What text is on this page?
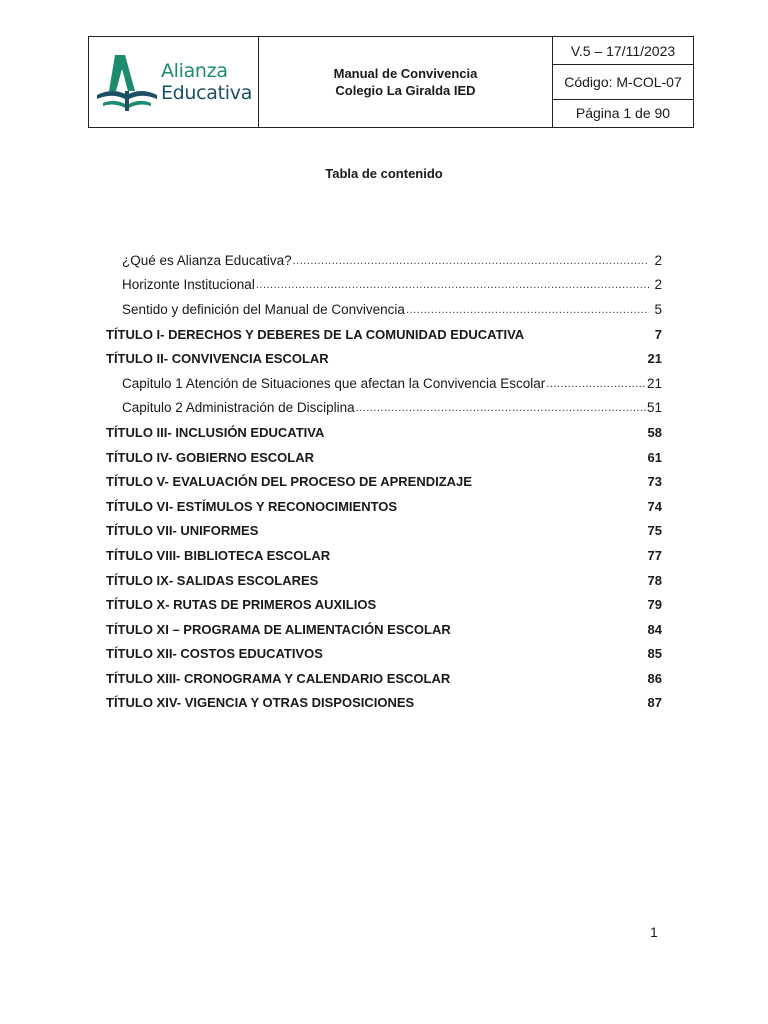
Alianza
Educativa
Manual de Convivencia
Colegio La Giralda IED
V.5 – 17/11/2023
Código: M-COL-07
Página 1 de 90
Tabla de contenido
¿Qué es Alianza Educativa? .....	2
Horizonte Institucional .....	2
Sentido y definición del Manual de Convivencia .....	5
TÍTULO I- DERECHOS Y DEBERES DE LA COMUNIDAD EDUCATIVA	7
TÍTULO II- CONVIVENCIA ESCOLAR	21
Capitulo 1 Atención de Situaciones que afectan la Convivencia Escolar .....	21
Capitulo 2 Administración de Disciplina .....	51
TÍTULO III- INCLUSIÓN EDUCATIVA	58
TÍTULO IV- GOBIERNO ESCOLAR	61
TÍTULO V- EVALUACIÓN DEL PROCESO DE APRENDIZAJE	73
TÍTULO VI- ESTÍMULOS Y RECONOCIMIENTOS	74
TÍTULO VII- UNIFORMES	75
TÍTULO VIII- BIBLIOTECA ESCOLAR	77
TÍTULO IX- SALIDAS ESCOLARES	78
TÍTULO X- RUTAS DE PRIMEROS AUXILIOS	79
TÍTULO XI – PROGRAMA DE ALIMENTACIÓN ESCOLAR	84
TÍTULO XII- COSTOS EDUCATIVOS	85
TÍTULO XIII- CRONOGRAMA Y CALENDARIO ESCOLAR	86
TÍTULO XIV- VIGENCIA Y OTRAS DISPOSICIONES	87
1
